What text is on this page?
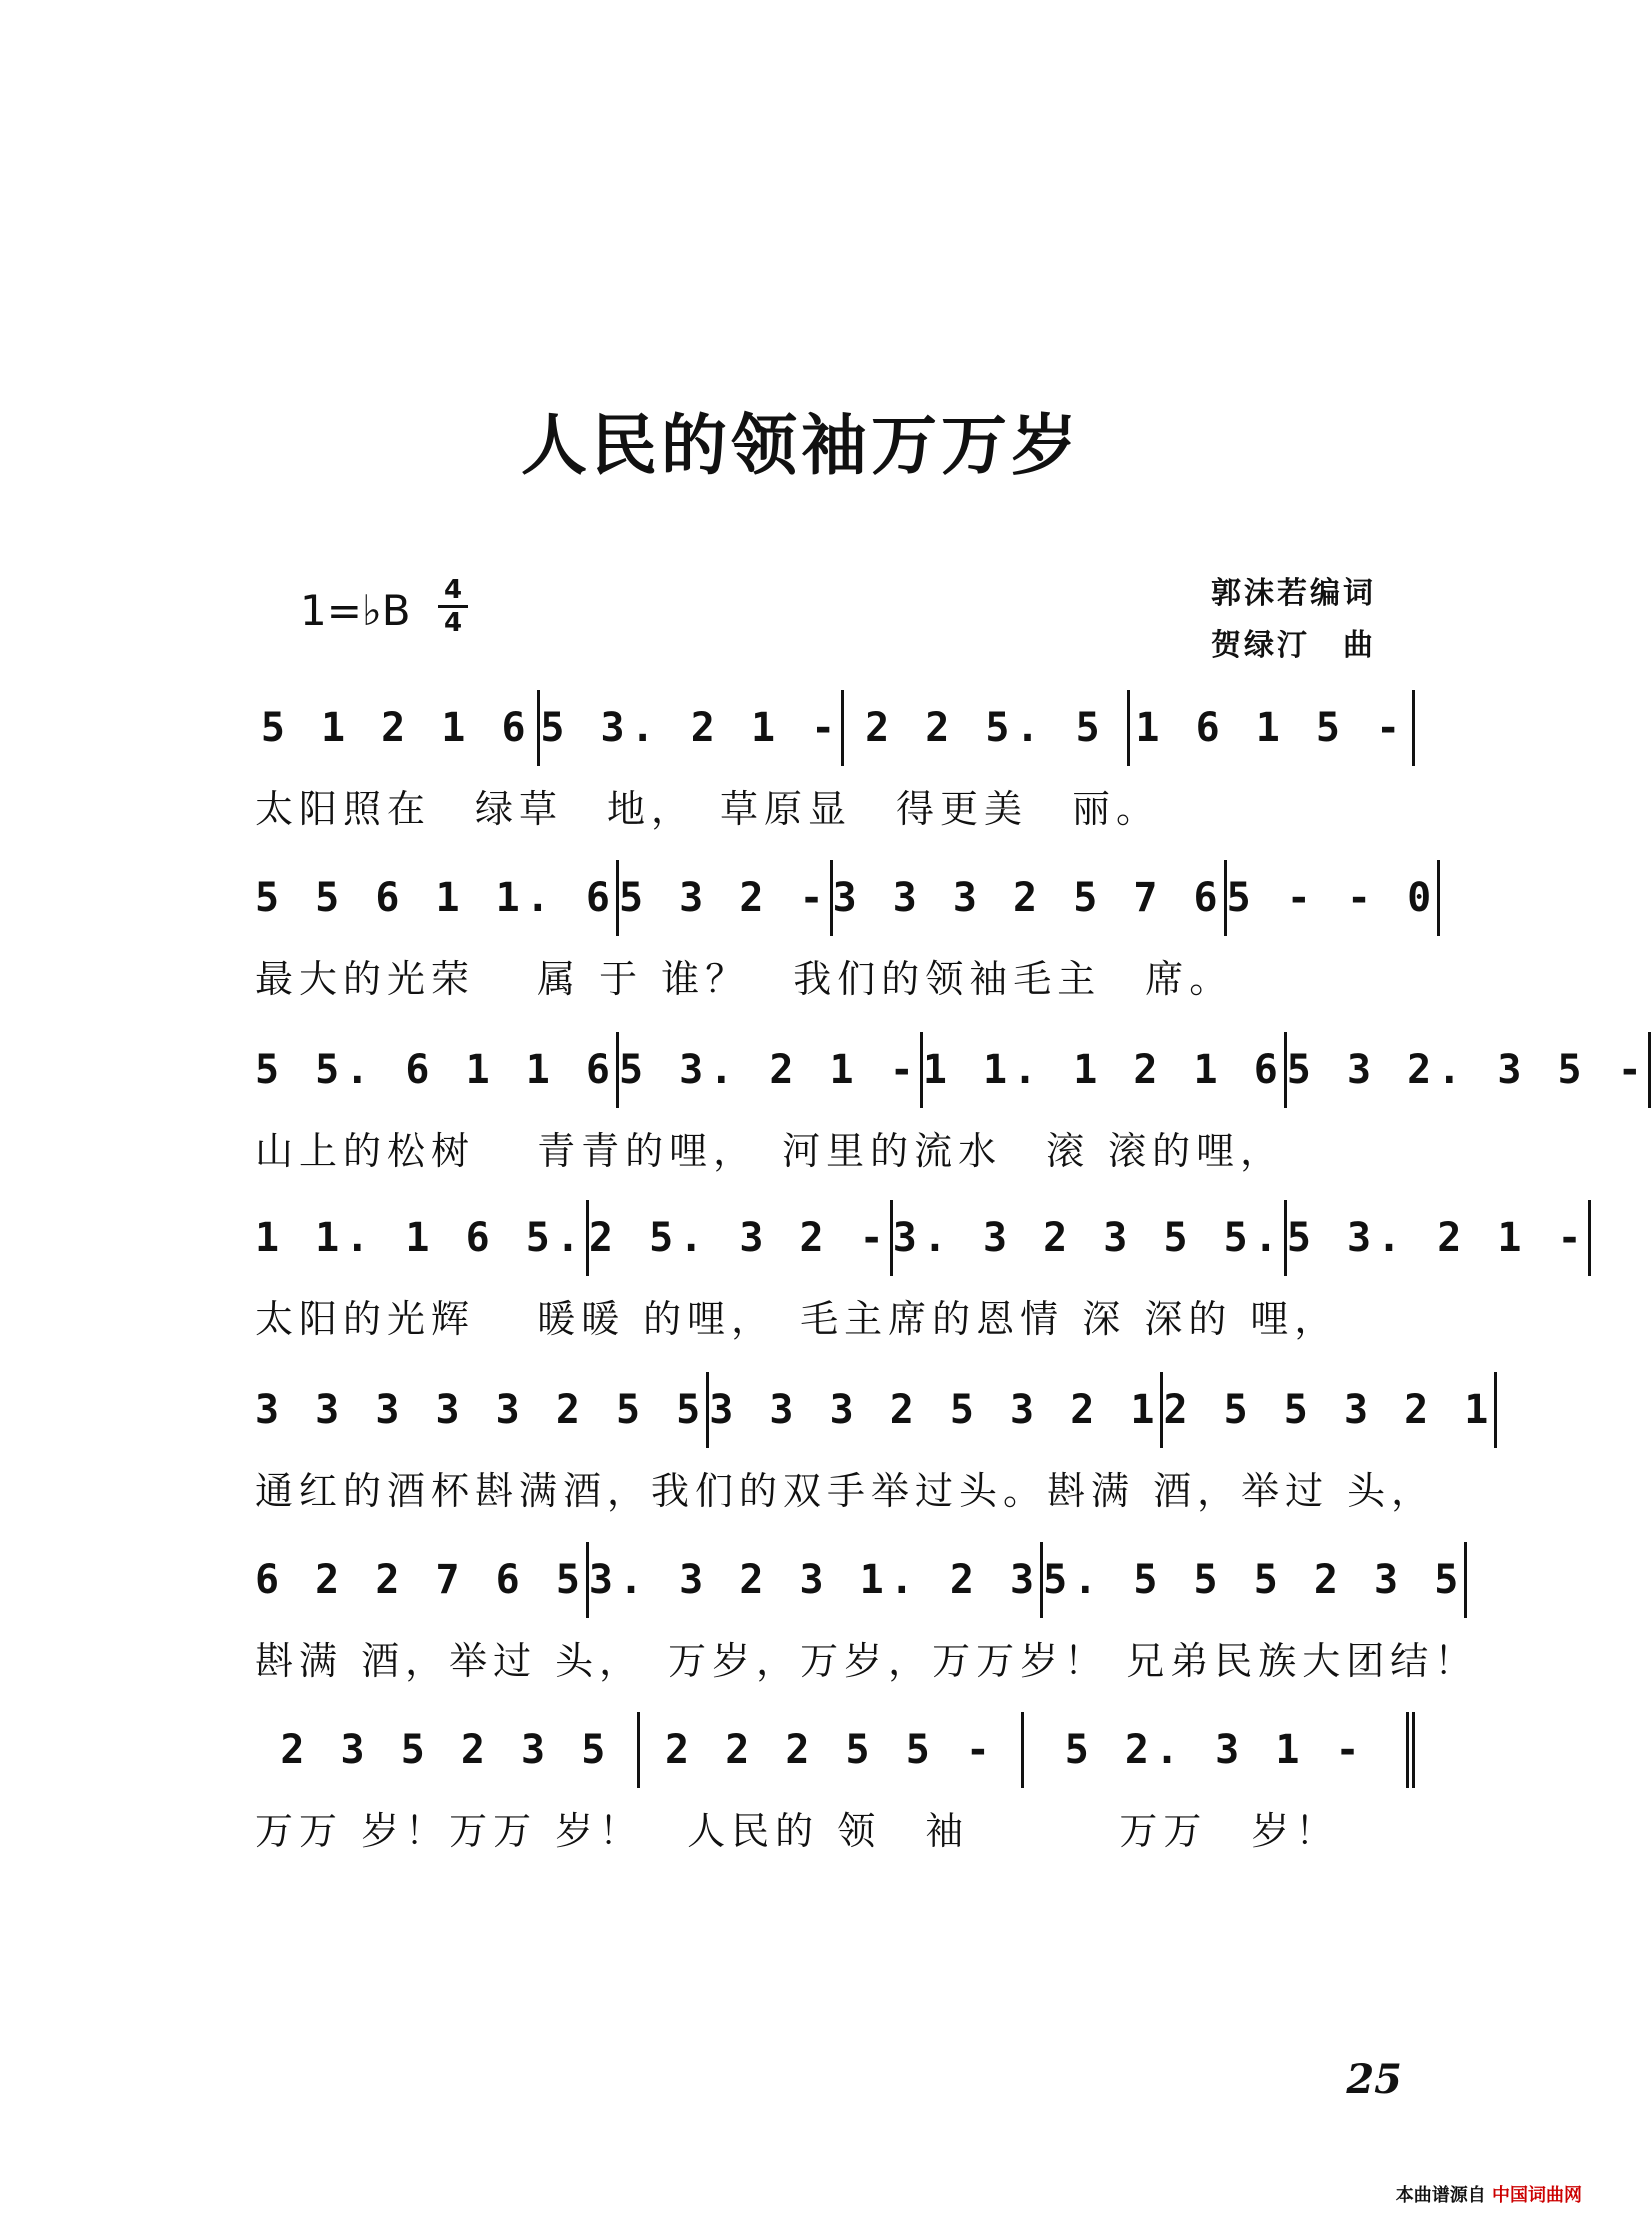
人民的领袖万万岁
1=♭B 4
4
郭沫若编词
贺绿汀　曲
5 1 2 1 6 5 3. 2 1 - 2 2 5. 5 1 6 1 5 -
太阳照在　绿草　地，　草原显　得更美　丽。
5 5 6 1 1. 6 5 3 2 - 3 3 3 2 5 7 6 5 - - 0
最大的光荣　 属 于 谁？　我们的领袖毛主　席。
5 5. 6 1 1 6 5 3. 2 1 - 1 1. 1 2 1 6 5 3 2. 3 5 -
山上的松树　 青青的哩，　河里的流水　滚 滚的哩，
1 1. 1 6 5. 2 5. 3 2 - 3. 3 2 3 5 5. 5 3. 2 1 -
太阳的光辉　 暖暖 的哩，　毛主席的恩情 深 深的 哩，
3 3 3 3 3 2 5 5 3 3 3 2 5 3 2 1 2 5 5 3 2 1
通红的酒杯斟满酒，我们的双手举过头。斟满 酒，举过 头，
6 2 2 7 6 5 3. 3 2 3 1. 2 3 5. 5 5 5 2 3 5
斟满 酒，举过 头，　万岁，万岁，万万岁！ 兄弟民族大团结！
2 3 5 2 3 5	2 2 2 5 5 -	5 2. 3 1 -
万万 岁！万万 岁！　人民的 领　袖　　　 万万　岁！
25
本曲谱源自 中国词曲网
